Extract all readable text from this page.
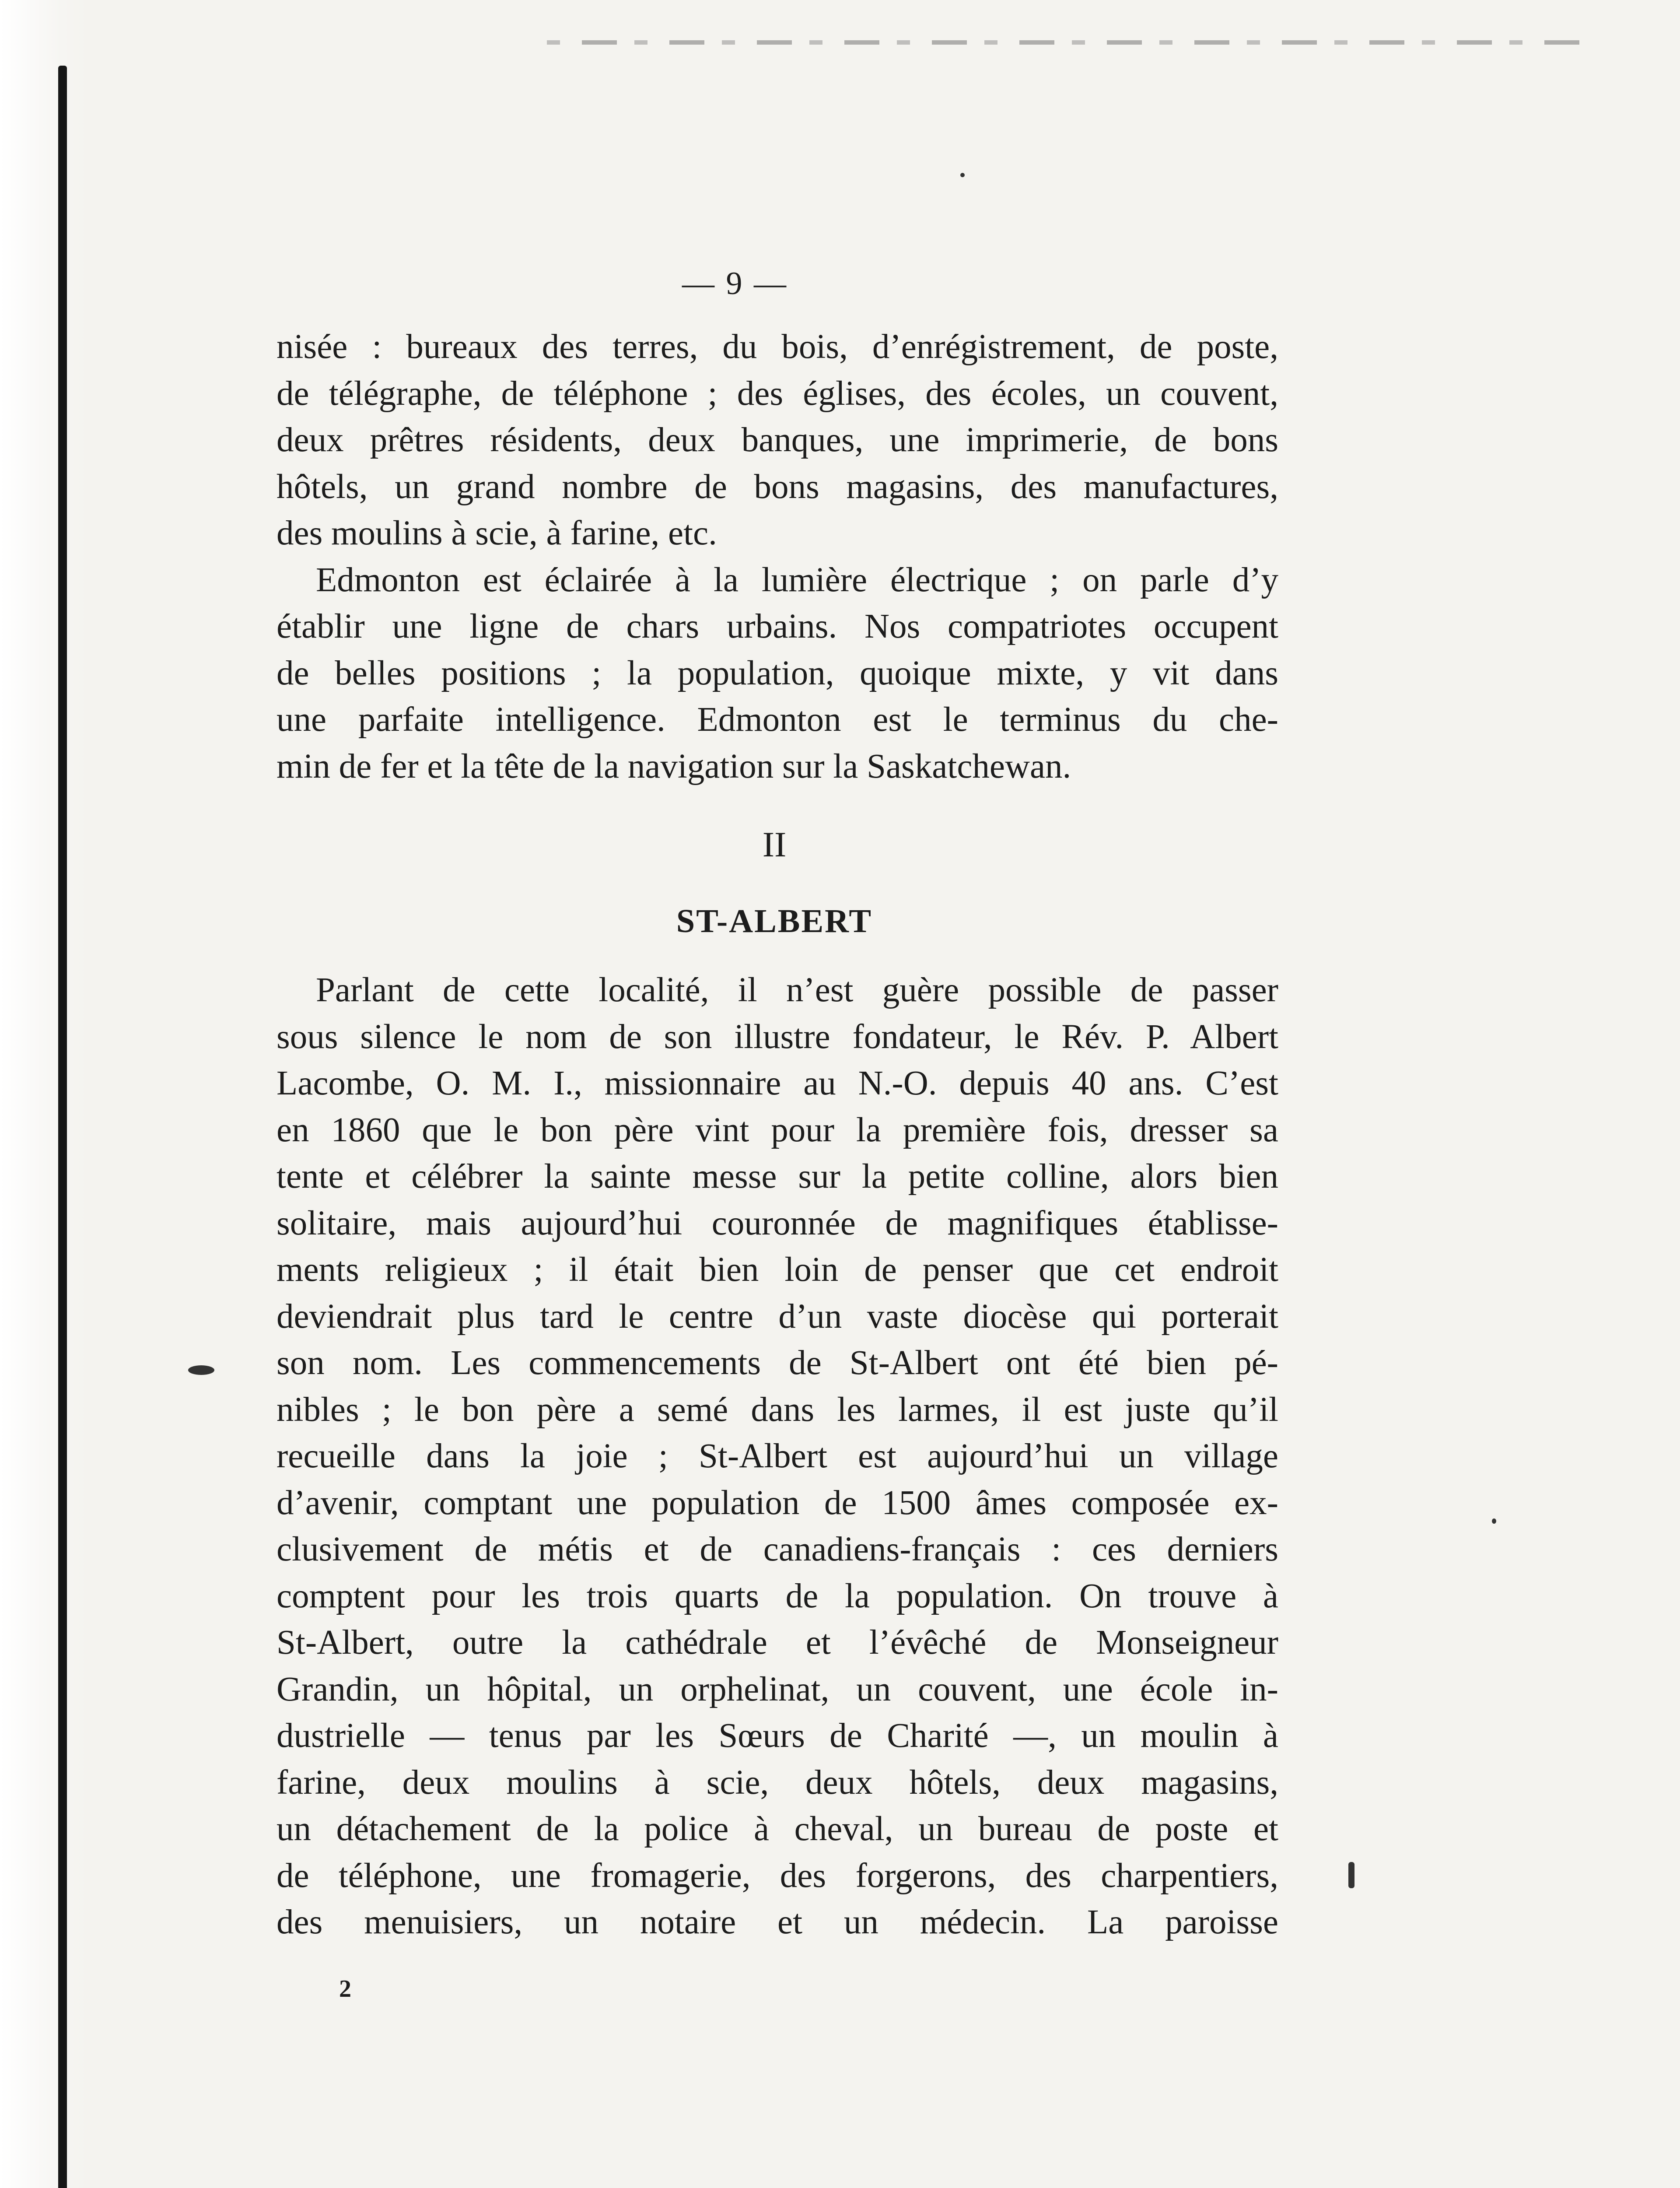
— 9 —
nisée : bureaux des terres, du bois, d’enrégistrement, de poste,
de télégraphe, de téléphone ; des églises, des écoles, un couvent,
deux prêtres résidents, deux banques, une imprimerie, de bons
hôtels, un grand nombre de bons magasins, des manufactures,
des moulins à scie, à farine, etc.
Edmonton est éclairée à la lumière électrique ; on parle d’y
établir une ligne de chars urbains. Nos compatriotes occupent
de belles positions ; la population, quoique mixte, y vit dans
une parfaite intelligence. Edmonton est le terminus du che-
min de fer et la tête de la navigation sur la Saskatchewan.
II
ST-ALBERT
Parlant de cette localité, il n’est guère possible de passer
sous silence le nom de son illustre fondateur, le Rév. P. Albert
Lacombe, O. M. I., missionnaire au N.-O. depuis 40 ans. C’est
en 1860 que le bon père vint pour la première fois, dresser sa
tente et célébrer la sainte messe sur la petite colline, alors bien
solitaire, mais aujourd’hui couronnée de magnifiques établisse-
ments religieux ; il était bien loin de penser que cet endroit
deviendrait plus tard le centre d’un vaste diocèse qui porterait
son nom. Les commencements de St-Albert ont été bien pé-
nibles ; le bon père a semé dans les larmes, il est juste qu’il
recueille dans la joie ; St-Albert est aujourd’hui un village
d’avenir, comptant une population de 1500 âmes composée ex-
clusivement de métis et de canadiens-français : ces derniers
comptent pour les trois quarts de la population. On trouve à
St-Albert, outre la cathédrale et l’évêché de Monseigneur
Grandin, un hôpital, un orphelinat, un couvent, une école in-
dustrielle — tenus par les Sœurs de Charité —, un moulin à
farine, deux moulins à scie, deux hôtels, deux magasins,
un détachement de la police à cheval, un bureau de poste et
de téléphone, une fromagerie, des forgerons, des charpentiers,
des menuisiers, un notaire et un médecin. La paroisse
2
